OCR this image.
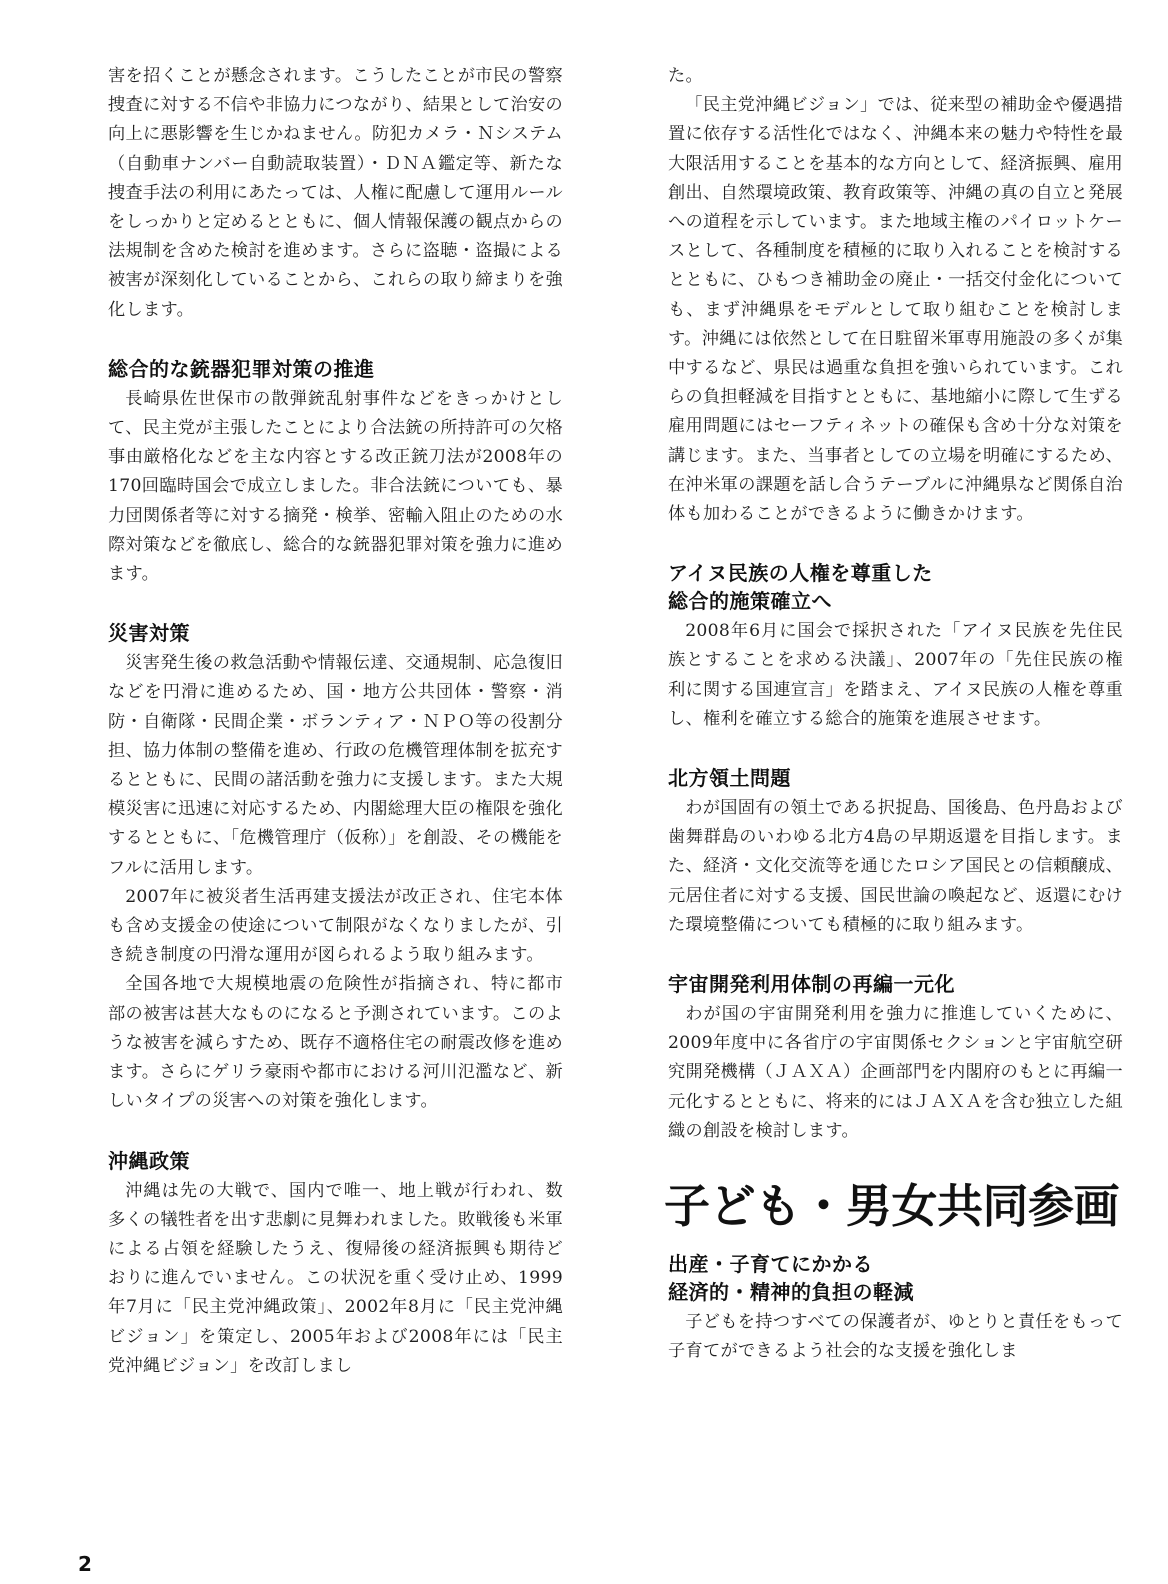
害を招くことが懸念されます。こうしたことが市民の警察捜査に対する不信や非協力につながり、結果として治安の向上に悪影響を生じかねません。防犯カメラ・Ｎシステム（自動車ナンバー自動読取装置）・ＤＮＡ鑑定等、新たな捜査手法の利用にあたっては、人権に配慮して運用ルールをしっかりと定めるとともに、個人情報保護の観点からの法規制を含めた検討を進めます。さらに盗聴・盗撮による被害が深刻化していることから、これらの取り締まりを強化します。

総合的な銃器犯罪対策の推進

長崎県佐世保市の散弾銃乱射事件などをきっかけとして、民主党が主張したことにより合法銃の所持許可の欠格事由厳格化などを主な内容とする改正銃刀法が2008年の170回臨時国会で成立しました。非合法銃についても、暴力団関係者等に対する摘発・検挙、密輸入阻止のための水際対策などを徹底し、総合的な銃器犯罪対策を強力に進めます。

災害対策

災害発生後の救急活動や情報伝達、交通規制、応急復旧などを円滑に進めるため、国・地方公共団体・警察・消防・自衛隊・民間企業・ボランティア・ＮＰＯ等の役割分担、協力体制の整備を進め、行政の危機管理体制を拡充するとともに、民間の諸活動を強力に支援します。また大規模災害に迅速に対応するため、内閣総理大臣の権限を強化するとともに、「危機管理庁（仮称）」を創設、その機能をフルに活用します。

2007年に被災者生活再建支援法が改正され、住宅本体も含め支援金の使途について制限がなくなりましたが、引き続き制度の円滑な運用が図られるよう取り組みます。

全国各地で大規模地震の危険性が指摘され、特に都市部の被害は甚大なものになると予測されています。このような被害を減らすため、既存不適格住宅の耐震改修を進めます。さらにゲリラ豪雨や都市における河川氾濫など、新しいタイプの災害への対策を強化します。

沖縄政策

沖縄は先の大戦で、国内で唯一、地上戦が行われ、数多くの犠牲者を出す悲劇に見舞われました。敗戦後も米軍による占領を経験したうえ、復帰後の経済振興も期待どおりに進んでいません。この状況を重く受け止め、1999年7月に「民主党沖縄政策」、2002年8月に「民主党沖縄ビジョン」を策定し、2005年および2008年には「民主党沖縄ビジョン」を改訂しまし

た。

「民主党沖縄ビジョン」では、従来型の補助金や優遇措置に依存する活性化ではなく、沖縄本来の魅力や特性を最大限活用することを基本的な方向として、経済振興、雇用創出、自然環境政策、教育政策等、沖縄の真の自立と発展への道程を示しています。また地域主権のパイロットケースとして、各種制度を積極的に取り入れることを検討するとともに、ひもつき補助金の廃止・一括交付金化についても、まず沖縄県をモデルとして取り組むことを検討します。沖縄には依然として在日駐留米軍専用施設の多くが集中するなど、県民は過重な負担を強いられています。これらの負担軽減を目指すとともに、基地縮小に際して生ずる雇用問題にはセーフティネットの確保も含め十分な対策を講じます。また、当事者としての立場を明確にするため、在沖米軍の課題を話し合うテーブルに沖縄県など関係自治体も加わることができるように働きかけます。

アイヌ民族の人権を尊重した
総合的施策確立へ

2008年6月に国会で採択された「アイヌ民族を先住民族とすることを求める決議」、2007年の「先住民族の権利に関する国連宣言」を踏まえ、アイヌ民族の人権を尊重し、権利を確立する総合的施策を進展させます。

北方領土問題

わが国固有の領土である択捉島、国後島、色丹島および歯舞群島のいわゆる北方4島の早期返還を目指します。また、経済・文化交流等を通じたロシア国民との信頼醸成、元居住者に対する支援、国民世論の喚起など、返還にむけた環境整備についても積極的に取り組みます。

宇宙開発利用体制の再編一元化

わが国の宇宙開発利用を強力に推進していくために、2009年度中に各省庁の宇宙関係セクションと宇宙航空研究開発機構（ＪＡＸＡ）企画部門を内閣府のもとに再編一元化するとともに、将来的にはＪＡＸＡを含む独立した組織の創設を検討します。

子ども・男女共同参画
出産・子育てにかかる
経済的・精神的負担の軽減

子どもを持つすべての保護者が、ゆとりと責任をもって子育てができるよう社会的な支援を強化しま

2
